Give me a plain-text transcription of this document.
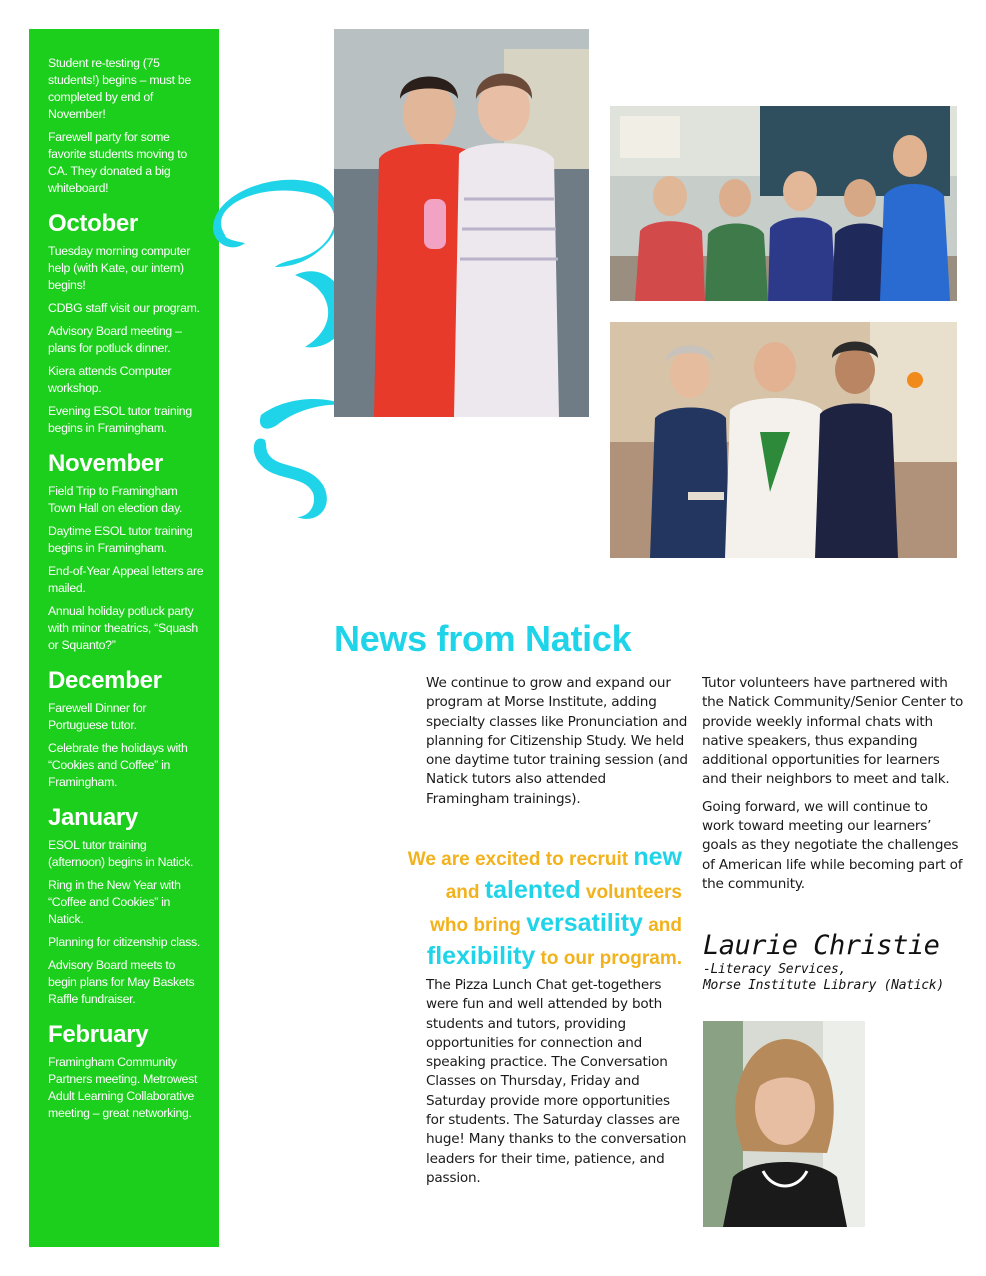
Student re-testing (75 students!) begins – must be completed by end of November!

Farewell party for some favorite students moving to CA. They donated a big whiteboard!

October

Tuesday morning computer help (with Kate, our intern) begins!

CDBG staff visit our program.

Advisory Board meeting – plans for potluck dinner.

Kiera attends Computer workshop.

Evening ESOL tutor training begins in Framingham.

November

Field Trip to Framingham Town Hall on election day.

Daytime ESOL tutor training begins in Framingham.

End-of-Year Appeal letters are mailed.

Annual holiday potluck party with minor theatrics, “Squash or Squanto?”

December

Farewell Dinner for Portuguese tutor.

Celebrate the holidays with “Cookies and Coffee” in Framingham.

January

ESOL tutor training (afternoon) begins in Natick.

Ring in the New Year with “Coffee and Cookies” in Natick.

Planning for citizenship class.

Advisory Board meets to begin plans for May Baskets Raffle fundraiser.

February

Framingham Community Partners meeting. Metrowest Adult Learning Collaborative meeting – great networking.

News from Natick
We continue to grow and expand our program at Morse Institute, adding specialty classes like Pronunciation and planning for Citizenship Study. We held one daytime tutor training session (and Natick tutors also attended Framingham trainings).
We are excited to recruit new
and talented volunteers
who bring versatility and
flexibility to our program.
The Pizza Lunch Chat get-togethers were fun and well attended by both students and tutors, providing opportunities for connection and speaking practice. The Conversation Classes on Thursday, Friday and Saturday provide more opportunities for students. The Saturday classes are huge! Many thanks to the conversation leaders for their time, patience, and passion.

Tutor volunteers have partnered with the Natick Community/Senior Center to provide weekly informal chats with native speakers, thus expanding additional opportunities for learners and their neighbors to meet and talk.

Going forward, we will continue to work toward meeting our learners’ goals as they negotiate the challenges of American life while becoming part of the community.

Laurie Christie
-Literacy Services,
Morse Institute Library (Natick)
